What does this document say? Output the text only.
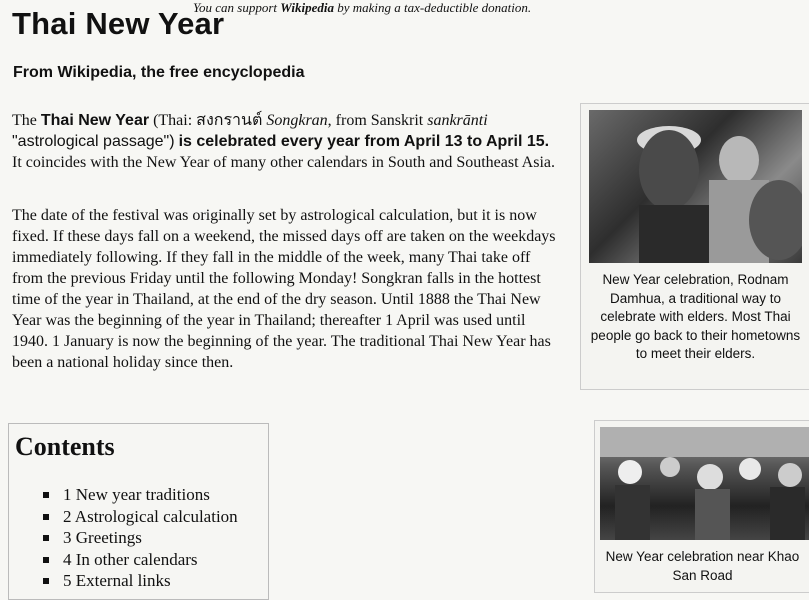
You can support Wikipedia by making a tax-deductible donation.
Thai New Year
From Wikipedia, the free encyclopedia
The Thai New Year (Thai: สงกรานต์ Songkran, from Sanskrit sankrānti "astrological passage") is celebrated every year from April 13 to April 15. It coincides with the New Year of many other calendars in South and Southeast Asia.
The date of the festival was originally set by astrological calculation, but it is now fixed. If these days fall on a weekend, the missed days off are taken on the weekdays immediately following. If they fall in the middle of the week, many Thai take off from the previous Friday until the following Monday! Songkran falls in the hottest time of the year in Thailand, at the end of the dry season. Until 1888 the Thai New Year was the beginning of the year in Thailand; thereafter 1 April was used until 1940. 1 January is now the beginning of the year. The traditional Thai New Year has been a national holiday since then.
Contents
1 New year traditions
2 Astrological calculation
3 Greetings
4 In other calendars
5 External links
New Year celebration, Rodnam Damhua, a traditional way to celebrate with elders. Most Thai people go back to their hometowns to meet their elders.
New Year celebration near Khao San Road
